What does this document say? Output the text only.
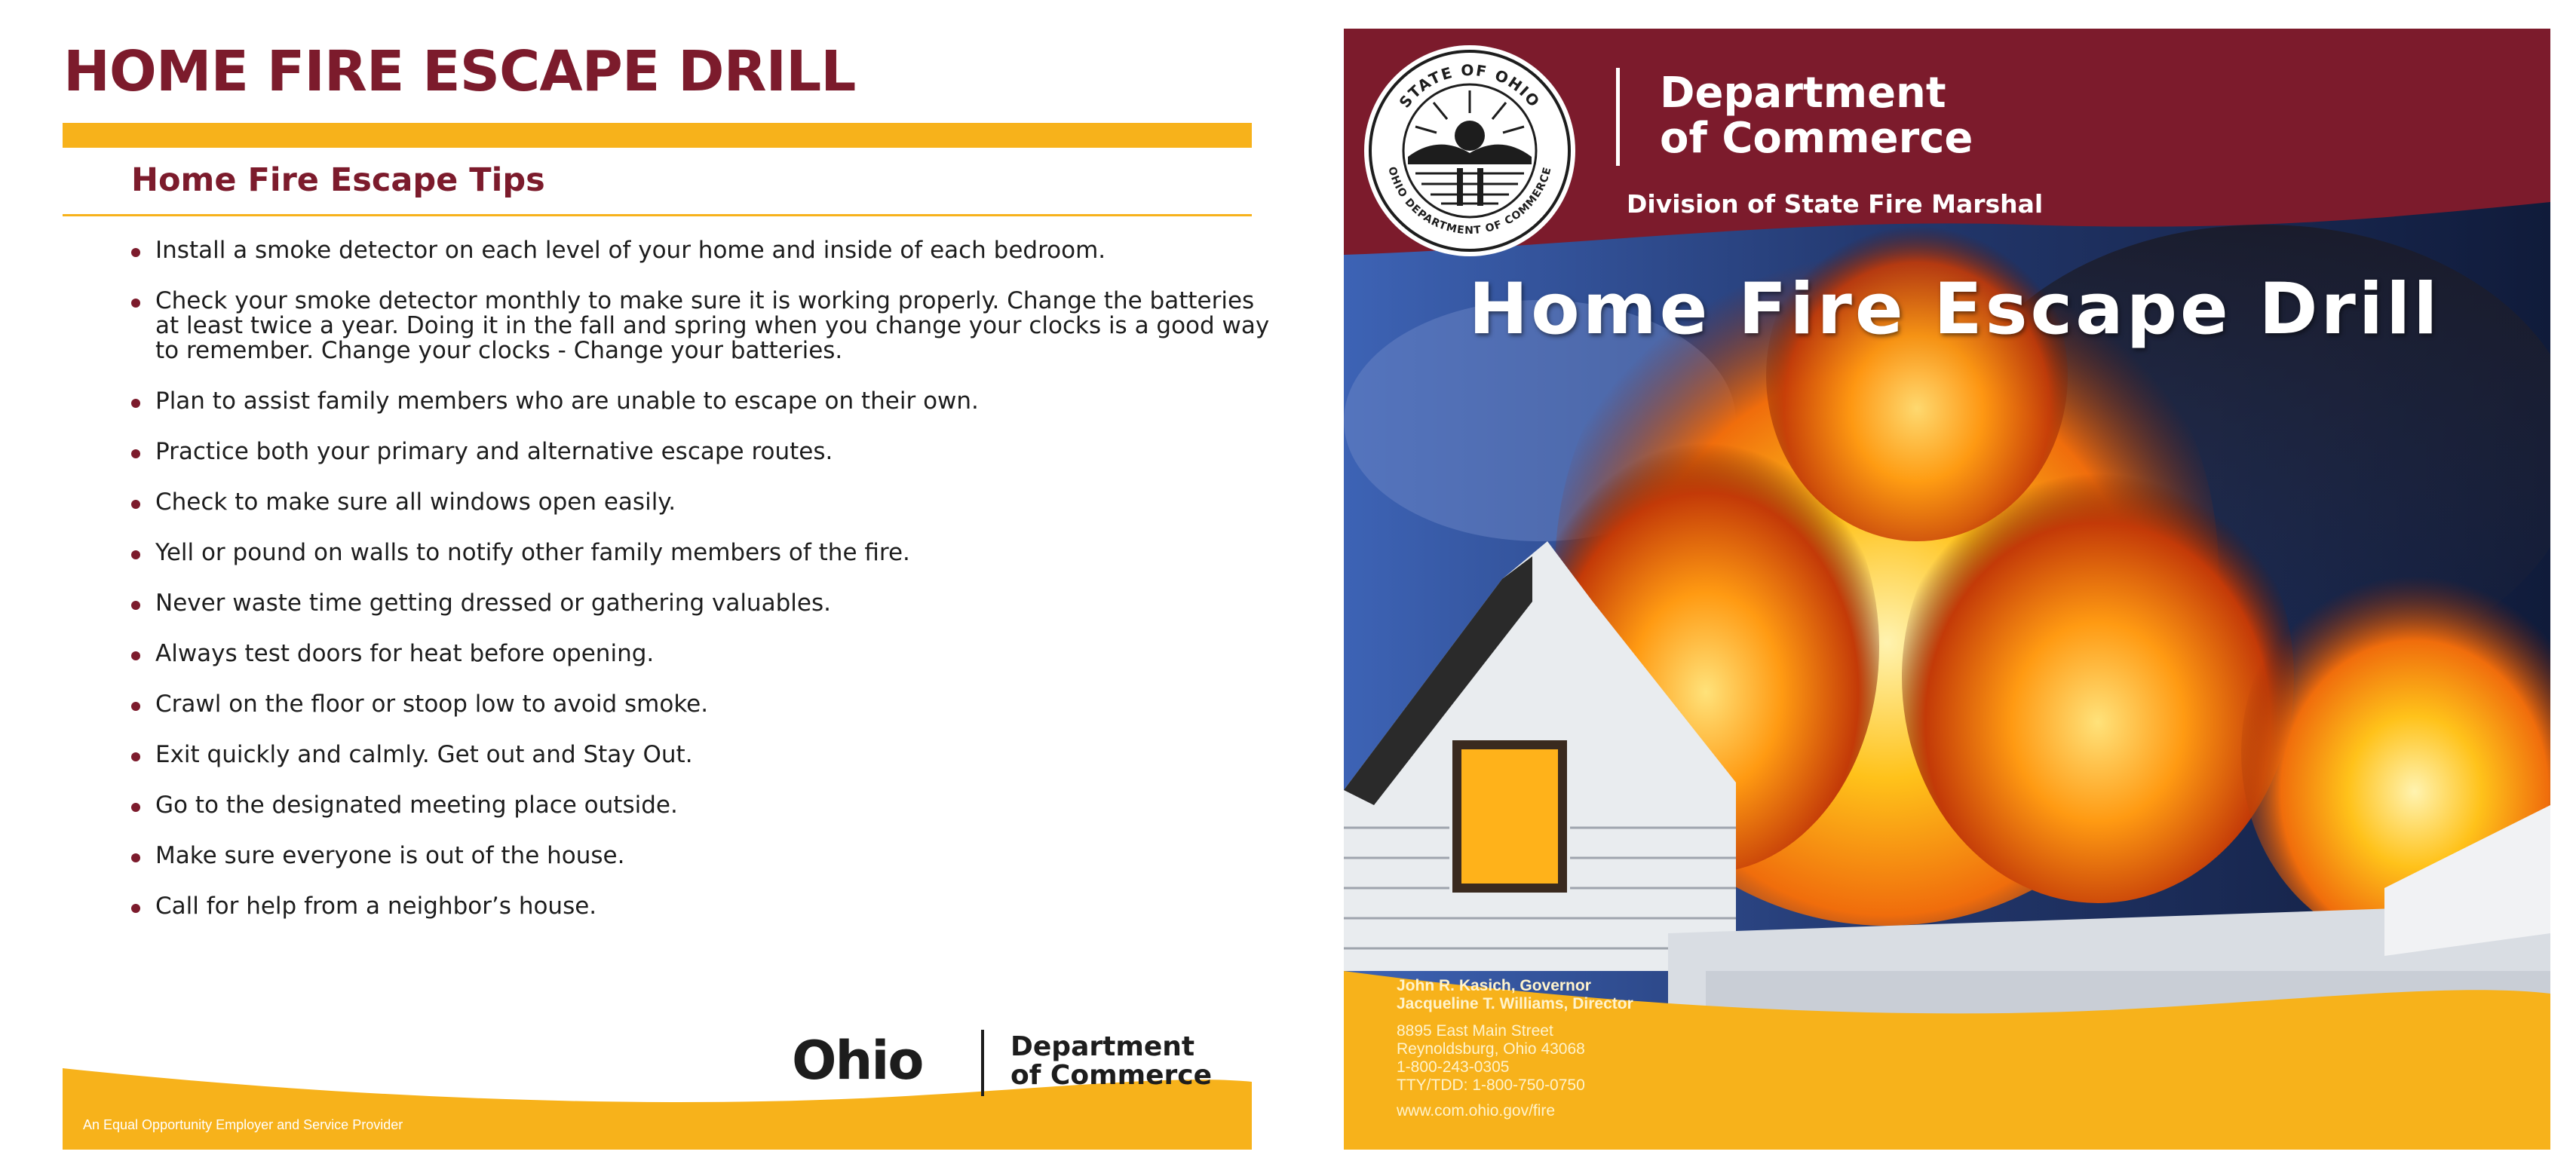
HOME FIRE ESCAPE DRILL
Home Fire Escape Tips
Install a smoke detector on each level of your home and inside of each bedroom.
Check your smoke detector monthly to make sure it is working properly. Change the batteries at least twice a year. Doing it in the fall and spring when you change your clocks is a good way to remember. Change your clocks - Change your batteries.
Plan to assist family members who are unable to escape on their own.
Practice both your primary and alternative escape routes.
Check to make sure all windows open easily.
Yell or pound on walls to notify other family members of the fire.
Never waste time getting dressed or gathering valuables.
Always test doors for heat before opening.
Crawl on the floor or stoop low to avoid smoke.
Exit quickly and calmly. Get out and Stay Out.
Go to the designated meeting place outside.
Make sure everyone is out of the house.
Call for help from a neighbor’s house.
Ohio	Department
of Commerce
An Equal Opportunity Employer and Service Provider
STATE OF OHIO
OHIO DEPARTMENT OF COMMERCE
Department
of Commerce
Division of State Fire Marshal
Home Fire Escape Drill
John R. Kasich, Governor
Jacqueline T. Williams, Director
8895 East Main Street
Reynoldsburg, Ohio 43068
1-800-243-0305
TTY/TDD: 1-800-750-0750
www.com.ohio.gov/fire
